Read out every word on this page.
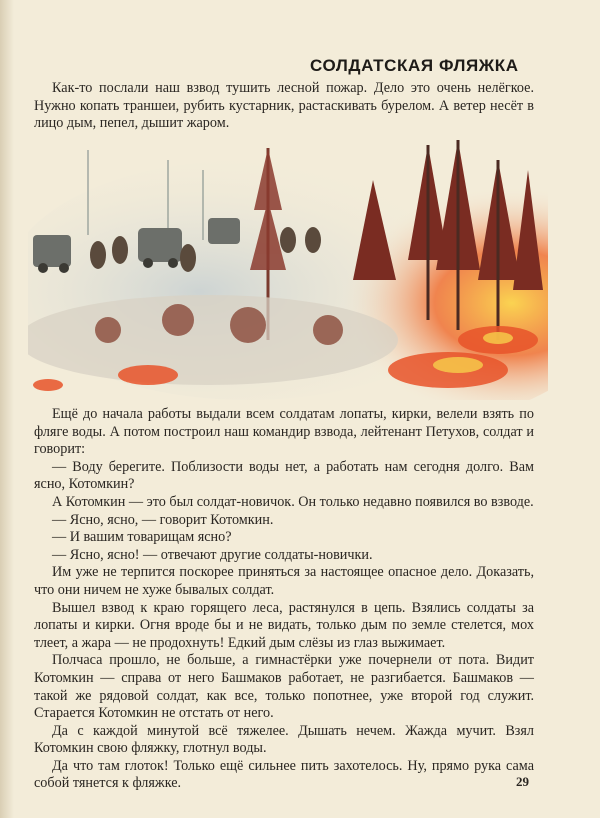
СОЛДАТСКАЯ ФЛЯЖКА

Как-то послали наш взвод тушить лесной пожар. Дело это очень нелёгкое. Нужно копать траншеи, рубить кустарник, растаскивать бурелом. А ветер несёт в лицо дым, пепел, дышит жаром.

Ещё до начала работы выдали всем солдатам лопаты, кирки, велели взять по фляге воды. А потом построил наш командир взвода, лейтенант Петухов, солдат и говорит:

— Воду берегите. Поблизости воды нет, а работать нам сегодня долго. Вам ясно, Котомкин?

А Котомкин — это был солдат-новичок. Он только недавно появился во взводе.

— Ясно, ясно, — говорит Котомкин.

— И вашим товарищам ясно?

— Ясно, ясно! — отвечают другие солдаты-новички.

Им уже не терпится поскорее приняться за настоящее опасное дело. Доказать, что они ничем не хуже бывалых солдат.

Вышел взвод к краю горящего леса, растянулся в цепь. Взялись солдаты за лопаты и кирки. Огня вроде бы и не видать, только дым по земле стелется, мох тлеет, а жара — не продохнуть! Едкий дым слёзы из глаз выжимает.

Полчаса прошло, не больше, а гимнастёрки уже почернели от пота. Видит Котомкин — справа от него Башмаков работает, не разгибается. Башмаков — такой же рядовой солдат, как все, только попотнее, уже второй год служит. Старается Котомкин не отстать от него.

Да с каждой минутой всё тяжелее. Дышать нечем. Жажда мучит. Взял Котомкин свою фляжку, глотнул воды.

Да что там глоток! Только ещё сильнее пить захотелось. Ну, прямо рука сама собой тянется к фляжке.	29
